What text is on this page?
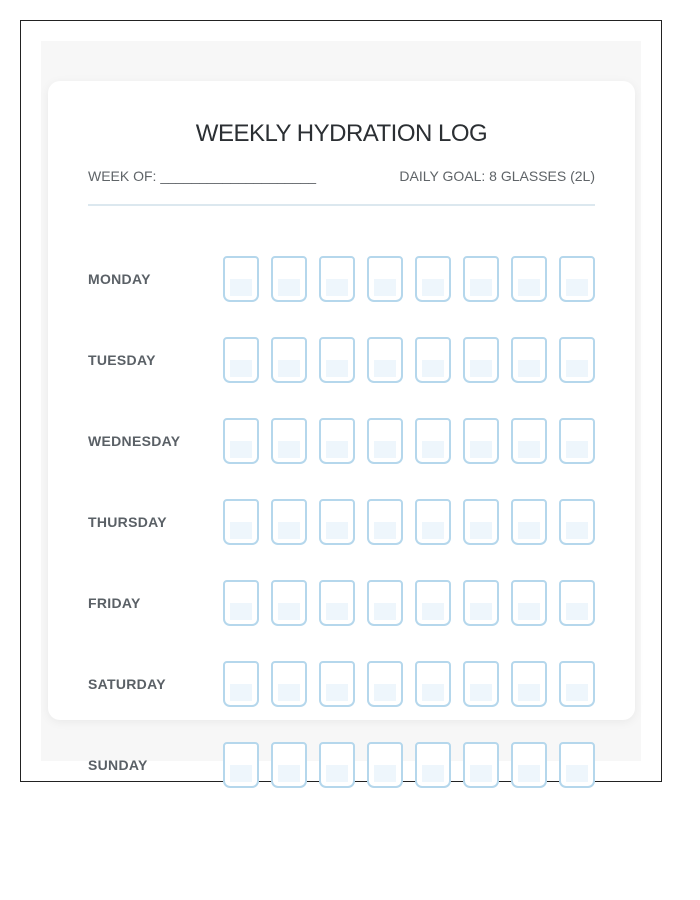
WEEKLY HYDRATION LOG
WEEK OF: ____________________	DAILY GOAL: 8 GLASSES (2L)
MONDAY
TUESDAY
WEDNESDAY
THURSDAY
FRIDAY
SATURDAY
SUNDAY
